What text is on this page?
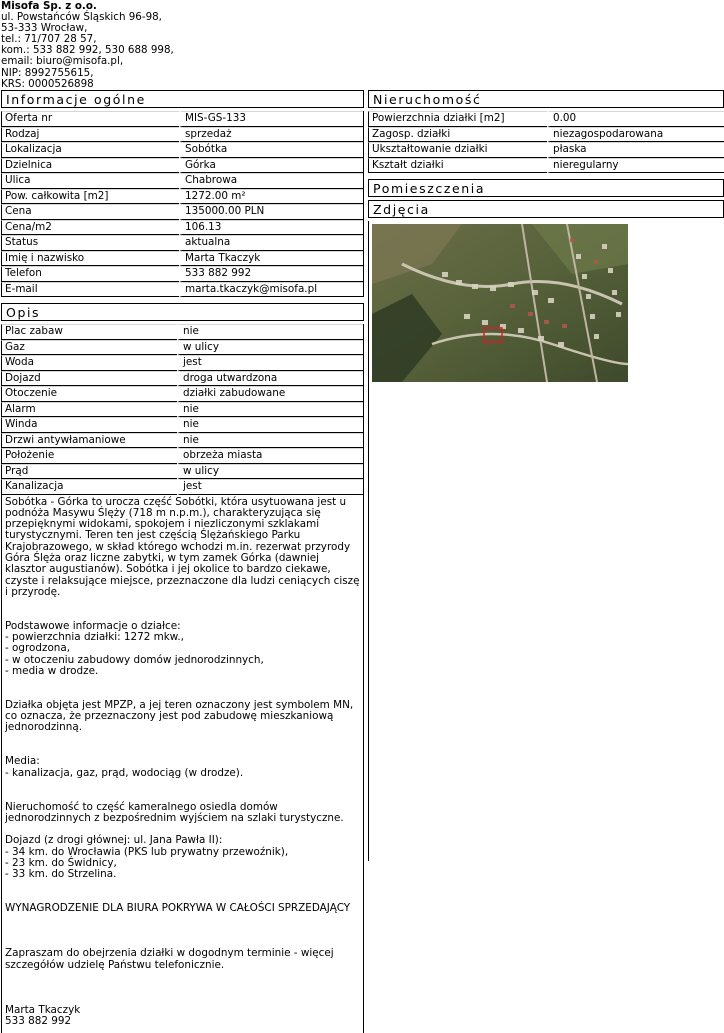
Misofa Sp. z o.o.
ul. Powstańców Śląskich 96-98,
53-333 Wrocław,
tel.: 71/707 28 57,
kom.: 533 882 992, 530 688 998,
email: biuro@misofa.pl,
NIP: 8992755615,
KRS: 0000526898
Informacje ogólne
Oferta nr	MIS-GS-133
Rodzaj	sprzedaż
Lokalizacja	Sobótka
Dzielnica	Górka
Ulica	Chabrowa
Pow. całkowita [m2]	1272.00 m²
Cena	135000.00 PLN
Cena/m2	106.13
Status	aktualna
Imię i nazwisko	Marta Tkaczyk
Telefon	533 882 992
E-mail	marta.tkaczyk@misofa.pl
Opis
Plac zabaw	nie
Gaz	w ulicy
Woda	jest
Dojazd	droga utwardzona
Otoczenie	działki zabudowane
Alarm	nie
Winda	nie
Drzwi antywłamaniowe	nie
Położenie	obrzeża miasta
Prąd	w ulicy
Kanalizacja	jest

Sobótka - Górka to urocza część Sobótki, która usytuowana jest u podnóża Masywu Ślęży (718 m n.p.m.), charakteryzująca się przepięknymi widokami, spokojem i niezliczonymi szklakami turystycznymi. Teren ten jest częścią Ślężańskiego Parku Krajobrazowego, w skład którego wchodzi m.in. rezerwat przyrody Góra Ślęża oraz liczne zabytki, w tym zamek Górka (dawniej klasztor augustianów). Sobótka i jej okolice to bardzo ciekawe, czyste i relaksujące miejsce, przeznaczone dla ludzi ceniących ciszę i przyrodę.

Podstawowe informacje o działce:
- powierzchnia działki: 1272 mkw.,
- ogrodzona,
- w otoczeniu zabudowy domów jednorodzinnych,
- media w drodze.

Działka objęta jest MPZP, a jej teren oznaczony jest symbolem MN, co oznacza, że przeznaczony jest pod zabudowę mieszkaniową jednorodzinną.

Media:
- kanalizacja, gaz, prąd, wodociąg (w drodze).

Nieruchomość to część kameralnego osiedla domów jednorodzinnych z bezpośrednim wyjściem na szlaki turystyczne.

Dojazd (z drogi głównej: ul. Jana Pawła II):
- 34 km. do Wrocławia (PKS lub prywatny przewoźnik),
- 23 km. do Świdnicy,
- 33 km. do Strzelina.

WYNAGRODZENIE DLA BIURA POKRYWA W CAŁOŚCI SPRZEDAJĄCY

Zapraszam do obejrzenia działki w dogodnym terminie - więcej szczegółów udzielę Państwu telefonicznie.

Marta Tkaczyk
533 882 992

Nieruchomość
Powierzchnia działki [m2]	0.00
Zagosp. działki	niezagospodarowana
Ukształtowanie działki	płaska
Kształt działki	nieregularny
Pomieszczenia
Zdjęcia
